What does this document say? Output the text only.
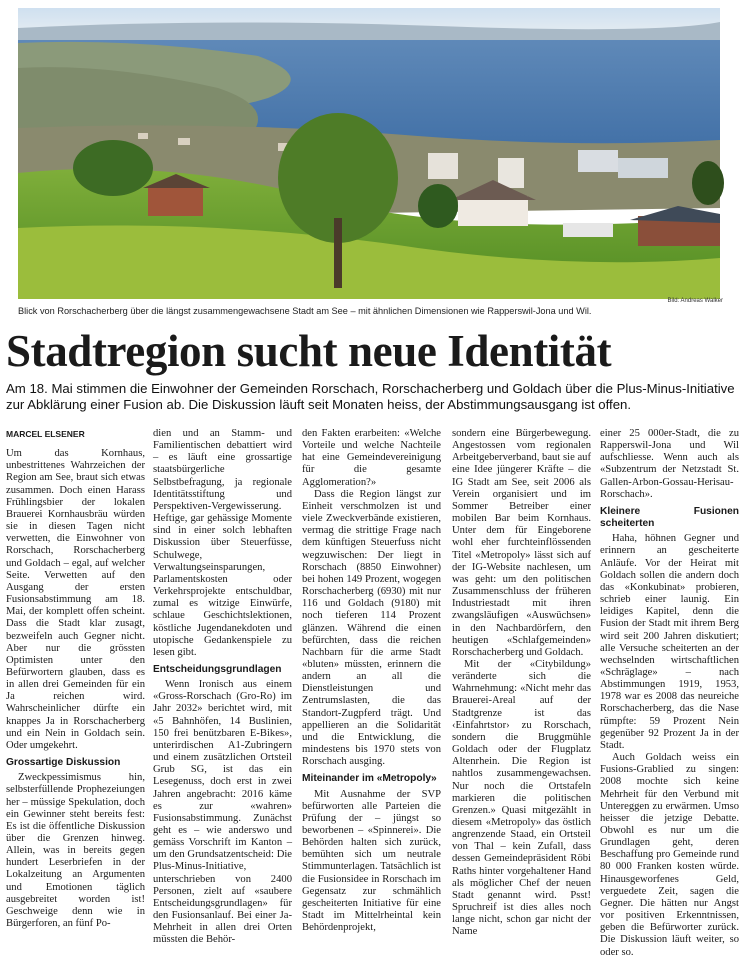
Bild: Andreas Walker
Blick von Rorschacherberg über die längst zusammengewachsene Stadt am See – mit ähnlichen Dimensionen wie Rapperswil-Jona und Wil.
Stadtregion sucht neue Identität
Am 18. Mai stimmen die Einwohner der Gemeinden Rorschach, Rorschacherberg und Goldach über die Plus-Minus-Initiative zur Abklärung einer Fusion ab. Die Diskussion läuft seit Monaten heiss, der Abstimmungsausgang ist offen.
MARCEL ELSENER

Um das Kornhaus, unbestrittenes Wahrzeichen der Region am See, braut sich etwas zusammen. Doch einen Harass Frühlingsbier der lokalen Brauerei Kornhausbräu würden sie in diesen Tagen nicht verwetten, die Einwohner von Rorschach, Rorschacherberg und Goldach – egal, auf welcher Seite. Verwetten auf den Ausgang der ersten Fusionsabstimmung am 18. Mai, der komplett offen scheint. Dass die Stadt klar zusagt, bezweifeln auch Gegner nicht. Aber nur die grössten Optimisten unter den Befürwortern glauben, dass es in allen drei Gemeinden für ein Ja reichen wird. Wahrscheinlicher dürfte ein knappes Ja in Rorschacherberg und ein Nein in Goldach sein. Oder umgekehrt.

Grossartige Diskussion

Zweckpessimismus hin, selbsterfüllende Prophezeiungen her – müssige Spekulation, doch ein Gewinner steht bereits fest: Es ist die öffentliche Diskussion über die Grenzen hinweg. Allein, was in bereits gegen hundert Leserbriefen in der Lokalzeitung an Argumenten und Emotionen täglich ausgebreitet worden ist! Geschweige denn wie in Bürgerforen, an fünf Po-

dien und an Stamm- und Familientischen debattiert wird – es läuft eine grossartige staatsbürgerliche Selbstbefragung, ja regionale Identitätsstiftung und Perspektiven-Vergewisserung. Heftige, gar gehässige Momente sind in einer solch lebhaften Diskussion über Steuerfüsse, Schulwege, Verwaltungseinsparungen, Parlamentskosten oder Verkehrsprojekte entschuldbar, zumal es witzige Einwürfe, schlaue Geschichtslektionen, köstliche Jugendanekdoten und utopische Gedankenspiele zu lesen gibt.

Entscheidungsgrundlagen

Wenn Ironisch aus einem «Gross-Rorschach (Gro-Ro) im Jahr 2032» berichtet wird, mit «5 Bahnhöfen, 14 Buslinien, 150 frei benützbaren E-Bikes», unterirdischen A1-Zubringern und einem zusätzlichen Ortsteil Grub SG, ist das ein Lesegenuss, doch erst in zwei Jahren angebracht: 2016 käme es zur «wahren» Fusionsabstimmung. Zunächst geht es – wie anderswo und gemäss Vorschrift im Kanton – um den Grundsatzentscheid: Die Plus-Minus-Initiative, unterschrieben von 2400 Personen, zielt auf «saubere Entscheidungsgrundlagen» für den Fusionsanlauf. Bei einer Ja-Mehrheit in allen drei Orten müssten die Behör-

den Fakten erarbeiten: «Welche Vorteile und welche Nachteile hat eine Gemeindevereinigung für die gesamte Agglomeration?»

Dass die Region längst zur Einheit verschmolzen ist und viele Zweckverbände existieren, vermag die strittige Frage nach dem künftigen Steuerfuss nicht wegzuwischen: Der liegt in Rorschach (8850 Einwohner) bei hohen 149 Prozent, wogegen Rorschacherberg (6930) mit nur 116 und Goldach (9180) mit noch tieferen 114 Prozent glänzen. Während die einen befürchten, dass die reichen Nachbarn für die arme Stadt «bluten» müssten, erinnern die andern an all die Dienstleistungen und Zentrumslasten, die das Standort-Zugpferd trägt. Und appellieren an die Solidarität und die Entwicklung, die mindestens bis 1970 stets von Rorschach ausging.

Miteinander im «Metropoly»

Mit Ausnahme der SVP befürworten alle Parteien die Prüfung der – jüngst so beworbenen – «Spinnerei». Die Behörden halten sich zurück, bemühten sich um neutrale Stimmunterlagen. Tatsächlich ist die Fusionsidee in Rorschach im Gegensatz zur schmählich gescheiterten Initiative für eine Stadt im Mittelrheintal kein Behördenprojekt,

sondern eine Bürgerbewegung. Angestossen vom regionalen Arbeitgeberverband, baut sie auf eine Idee jüngerer Kräfte – die IG Stadt am See, seit 2006 als Verein organisiert und im Sommer Betreiber einer mobilen Bar beim Kornhaus. Unter dem für Eingeborene wohl eher furchteinflössenden Titel «Metropoly» lässt sich auf der IG-Website nachlesen, um was geht: um den politischen Zusammenschluss der früheren Industriestadt mit ihren zwangsläufigen «Auswüchsen» in den Nachbardörfern, den heutigen «Schlafgemeinden» Rorschacherberg und Goldach.

Mit der «Citybildung» veränderte sich die Wahrnehmung: «Nicht mehr das Brauerei-Areal auf der Stadtgrenze ist das ‹Einfahrtstor› zu Rorschach, sondern die Bruggmühle Goldach oder der Flugplatz Altenrhein. Die Region ist nahtlos zusammengewachsen. Nur noch die Ortstafeln markieren die politischen Grenzen.» Quasi mitgezählt in diesem «Metropoly» das östlich angrenzende Staad, ein Ortsteil von Thal – kein Zufall, dass dessen Gemeindepräsident Röbi Raths hinter vorgehaltener Hand als möglicher Chef der neuen Stadt genannt wird. Psst! Spruchreif ist dies alles noch lange nicht, schon gar nicht der Name

einer 25 000er-Stadt, die zu Rapperswil-Jona und Wil aufschliesse. Wenn auch als «Subzentrum der Netzstadt St. Gallen-Arbon-Gossau-Herisau-Rorschach».

Kleinere Fusionen scheiterten

Haha, höhnen Gegner und erinnern an gescheiterte Anläufe. Vor der Heirat mit Goldach sollen die andern doch das «Konkubinat» probieren, schrieb einer launig. Ein leidiges Kapitel, denn die Fusion der Stadt mit ihrem Berg wird seit 200 Jahren diskutiert; alle Versuche scheiterten an der wechselnden wirtschaftlichen «Schräglage» – nach Abstimmungen 1919, 1953, 1978 war es 2008 das neureiche Rorschacherberg, das die Nase rümpfte: 59 Prozent Nein gegenüber 92 Prozent Ja in der Stadt.

Auch Goldach weiss ein Fusions-Grablied zu singen: 2008 mochte sich keine Mehrheit für den Verbund mit Untereggen zu erwärmen. Umso heisser die jetzige Debatte. Obwohl es nur um die Grundlagen geht, deren Beschaffung pro Gemeinde rund 80 000 Franken kosten würde. Hinausgeworfenes Geld, verguedete Zeit, sagen die Gegner. Die hätten nur Angst vor positiven Erkenntnissen, geben die Befürworter zurück. Die Diskussion läuft weiter, so oder so.
